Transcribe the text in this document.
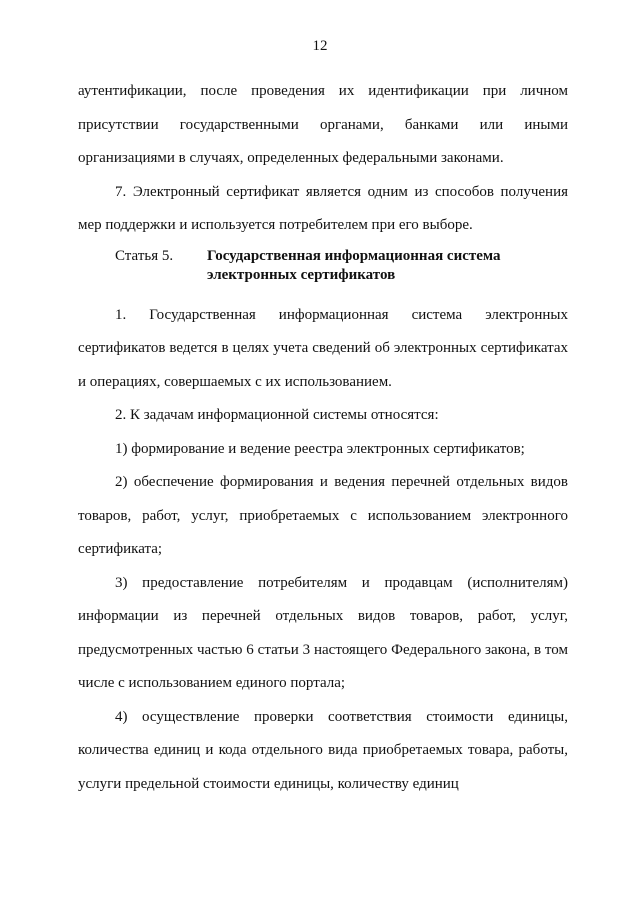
12

аутентификации, после проведения их идентификации при личном присутствии государственными органами, банками или иными организациями в случаях, определенных федеральными законами.

7. Электронный сертификат является одним из способов получения мер поддержки и используется потребителем при его выборе.

Статья 5.	Государственная информационная система электронных сертификатов

1. Государственная информационная система электронных сертификатов ведется в целях учета сведений об электронных сертификатах и операциях, совершаемых с их использованием.

2. К задачам информационной системы относятся:

1) формирование и ведение реестра электронных сертификатов;

2) обеспечение формирования и ведения перечней отдельных видов товаров, работ, услуг, приобретаемых с использованием электронного сертификата;

3) предоставление потребителям и продавцам (исполнителям) информации из перечней отдельных видов товаров, работ, услуг, предусмотренных частью 6 статьи 3 настоящего Федерального закона, в том числе с использованием единого портала;

4) осуществление проверки соответствия стоимости единицы, количества единиц и кода отдельного вида приобретаемых товара, работы, услуги предельной стоимости единицы, количеству единиц
